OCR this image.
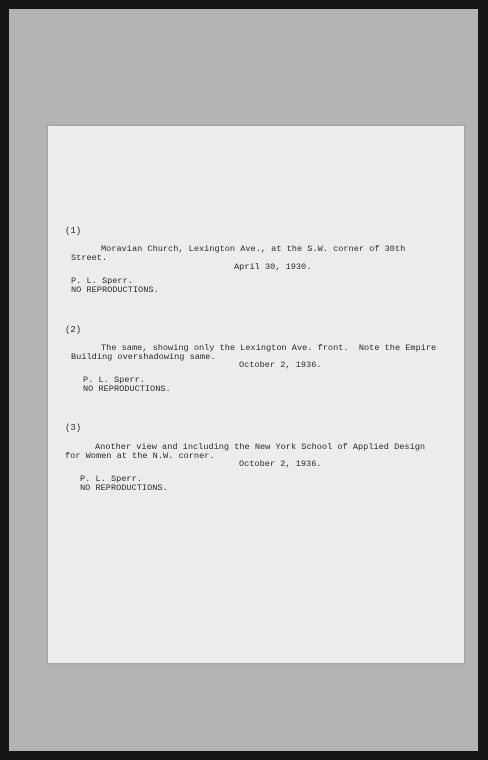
(1)
Moravian Church, Lexington Ave., at the S.W. corner of 30th
Street.
April 30, 1930.
P. L. Sperr.
NO REPRODUCTIONS.
(2)
The same, showing only the Lexington Ave. front.  Note the Empire
Building overshadowing same.
October 2, 1936.
P. L. Sperr.
NO REPRODUCTIONS.
(3)
Another view and including the New York School of Applied Design
for Women at the N.W. corner.
October 2, 1936.
P. L. Sperr.
NO REPRODUCTIONS.
